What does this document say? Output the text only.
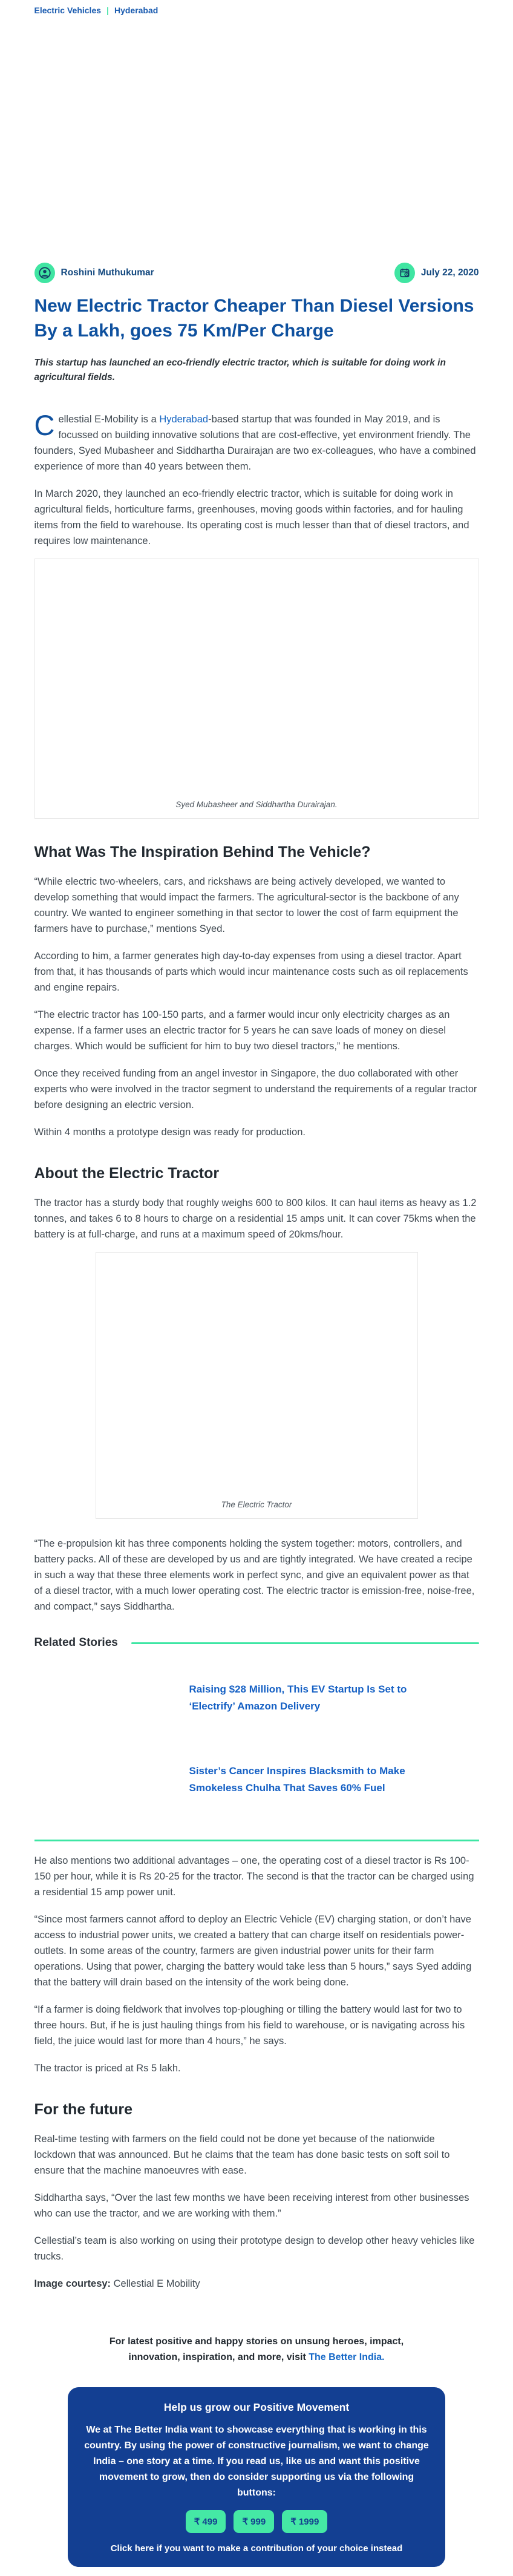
Electric Vehicles | Hyderabad
Roshini Muthukumar	July 22, 2020
New Electric Tractor Cheaper Than Diesel Versions By a Lakh, goes 75 Km/Per Charge

This startup has launched an eco-friendly electric tractor, which is suitable for doing work in agricultural fields.

Cellestial E-Mobility is a Hyderabad-based startup that was founded in May 2019, and is focussed on building innovative solutions that are cost-effective, yet environment friendly. The founders, Syed Mubasheer and Siddhartha Durairajan are two ex-colleagues, who have a combined experience of more than 40 years between them.

In March 2020, they launched an eco-friendly electric tractor, which is suitable for doing work in agricultural fields, horticulture farms, greenhouses, moving goods within factories, and for hauling items from the field to warehouse. Its operating cost is much lesser than that of diesel tractors, and requires low maintenance.

Syed Mubasheer and Siddhartha Durairajan.
What Was The Inspiration Behind The Vehicle?

“While electric two-wheelers, cars, and rickshaws are being actively developed, we wanted to develop something that would impact the farmers. The agricultural-sector is the backbone of any country. We wanted to engineer something in that sector to lower the cost of farm equipment the farmers have to purchase,” mentions Syed.

According to him, a farmer generates high day-to-day expenses from using a diesel tractor. Apart from that, it has thousands of parts which would incur maintenance costs such as oil replacements and engine repairs.

“The electric tractor has 100-150 parts, and a farmer would incur only electricity charges as an expense. If a farmer uses an electric tractor for 5 years he can save loads of money on diesel charges. Which would be sufficient for him to buy two diesel tractors,” he mentions.

Once they received funding from an angel investor in Singapore, the duo collaborated with other experts who were involved in the tractor segment to understand the requirements of a regular tractor before designing an electric version.

Within 4 months a prototype design was ready for production.

About the Electric Tractor

The tractor has a sturdy body that roughly weighs 600 to 800 kilos. It can haul items as heavy as 1.2 tonnes, and takes 6 to 8 hours to charge on a residential 15 amps unit. It can cover 75kms when the battery is at full-charge, and runs at a maximum speed of 20kms/hour.

The Electric Tractor

“The e-propulsion kit has three components holding the system together: motors, controllers, and battery packs. All of these are developed by us and are tightly integrated. We have created a recipe in such a way that these three elements work in perfect sync, and give an equivalent power as that of a diesel tractor, with a much lower operating cost. The electric tractor is emission-free, noise-free, and compact,” says Siddhartha.

Related Stories
Raising $28 Million, This EV Startup Is Set to ‘Electrify’ Amazon Delivery
Sister’s Cancer Inspires Blacksmith to Make Smokeless Chulha That Saves 60% Fuel

He also mentions two additional advantages – one, the operating cost of a diesel tractor is Rs 100-150 per hour, while it is Rs 20-25 for the tractor. The second is that the tractor can be charged using a residential 15 amp power unit.

“Since most farmers cannot afford to deploy an Electric Vehicle (EV) charging station, or don’t have access to industrial power units, we created a battery that can charge itself on residentials power-outlets. In some areas of the country, farmers are given industrial power units for their farm operations. Using that power, charging the battery would take less than 5 hours,” says Syed adding that the battery will drain based on the intensity of the work being done.

“If a farmer is doing fieldwork that involves top-ploughing or tilling the battery would last for two to three hours. But, if he is just hauling things from his field to warehouse, or is navigating across his field, the juice would last for more than 4 hours,” he says.

The tractor is priced at Rs 5 lakh.

For the future

Real-time testing with farmers on the field could not be done yet because of the nationwide lockdown that was announced. But he claims that the team has done basic tests on soft soil to ensure that the machine manoeuvres with ease.

Siddhartha says, “Over the last few months we have been receiving interest from other businesses who can use the tractor, and we are working with them.”

Cellestial’s team is also working on using their prototype design to develop other heavy vehicles like trucks.

Image courtesy: Cellestial E Mobility

For latest positive and happy stories on unsung heroes, impact, innovation, inspiration, and more, visit The Better India.

Help us grow our Positive Movement
We at The Better India want to showcase everything that is working in this country. By using the power of constructive journalism, we want to change India – one story at a time. If you read us, like us and want this positive movement to grow, then do consider supporting us via the following buttons:
₹ 499	₹ 999	₹ 1999
Click here if you want to make a contribution of your choice instead
